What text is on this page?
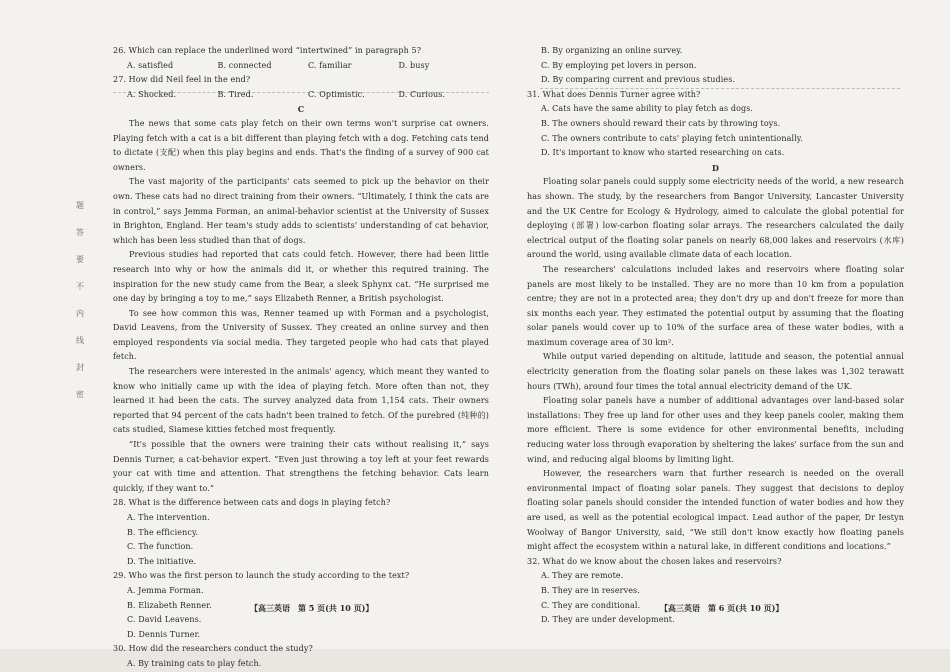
题
答
要
不
内
线
封
密

26. Which can replace the underlined word “intertwined” in paragraph 5?

A. satisfied	B. connected	C. familiar	D. busy

27. How did Neil feel in the end?

A. Shocked.	B. Tired.	C. Optimistic.	D. Curious.

C

The news that some cats play fetch on their own terms won't surprise cat owners. Playing fetch with a cat is a bit different than playing fetch with a dog. Fetching cats tend to dictate (支配) when this play begins and ends. That's the finding of a survey of 900 cat owners.

The vast majority of the participants' cats seemed to pick up the behavior on their own. These cats had no direct training from their owners. “Ultimately, I think the cats are in control,” says Jemma Forman, an animal-behavior scientist at the University of Sussex in Brighton, England. Her team's study adds to scientists' understanding of cat behavior, which has been less studied than that of dogs.

Previous studies had reported that cats could fetch. However, there had been little research into why or how the animals did it, or whether this required training. The inspiration for the new study came from the Bear, a sleek Sphynx cat. “He surprised me one day by bringing a toy to me,” says Elizabeth Renner, a British psychologist.

To see how common this was, Renner teamed up with Forman and a psychologist, David Leavens, from the University of Sussex. They created an online survey and then employed respondents via social media. They targeted people who had cats that played fetch.

The researchers were interested in the animals' agency, which meant they wanted to know who initially came up with the idea of playing fetch. More often than not, they learned it had been the cats. The survey analyzed data from 1,154 cats. Their owners reported that 94 percent of the cats hadn't been trained to fetch. Of the purebred (纯种的) cats studied, Siamese kitties fetched most frequently.

“It's possible that the owners were training their cats without realising it,” says Dennis Turner, a cat-behavior expert. “Even just throwing a toy left at your feet rewards your cat with time and attention. That strengthens the fetching behavior. Cats learn quickly, if they want to.”

28. What is the difference between cats and dogs in playing fetch?

A. The intervention.
B. The efficiency.
C. The function.
D. The initiative.

29. Who was the first person to launch the study according to the text?

A. Jemma Forman.
B. Elizabeth Renner.
C. David Leavens.
D. Dennis Turner.

30. How did the researchers conduct the study?

A. By training cats to play fetch.

B. By organizing an online survey.

C. By employing pet lovers in person.

D. By comparing current and previous studies.

31. What does Dennis Turner agree with?

A. Cats have the same ability to play fetch as dogs.

B. The owners should reward their cats by throwing toys.

C. The owners contribute to cats' playing fetch unintentionally.

D. It's important to know who started researching on cats.

D

Floating solar panels could supply some electricity needs of the world, a new research has shown. The study, by the researchers from Bangor University, Lancaster University and the UK Centre for Ecology & Hydrology, aimed to calculate the global potential for deploying (部署) low-carbon floating solar arrays. The researchers calculated the daily electrical output of the floating solar panels on nearly 68,000 lakes and reservoirs (水库) around the world, using available climate data of each location.

The researchers' calculations included lakes and reservoirs where floating solar panels are most likely to be installed. They are no more than 10 km from a population centre; they are not in a protected area; they don't dry up and don't freeze for more than six months each year. They estimated the potential output by assuming that the floating solar panels would cover up to 10% of the surface area of these water bodies, with a maximum coverage area of 30 km².

While output varied depending on altitude, latitude and season, the potential annual electricity generation from the floating solar panels on these lakes was 1,302 terawatt hours (TWh), around four times the total annual electricity demand of the UK.

Floating solar panels have a number of additional advantages over land-based solar installations: They free up land for other uses and they keep panels cooler, making them more efficient. There is some evidence for other environmental benefits, including reducing water loss through evaporation by sheltering the lakes' surface from the sun and wind, and reducing algal blooms by limiting light.

However, the researchers warn that further research is needed on the overall environmental impact of floating solar panels. They suggest that decisions to deploy floating solar panels should consider the intended function of water bodies and how they are used, as well as the potential ecological impact. Lead author of the paper, Dr Iestyn Woolway of Bangor University, said, “We still don't know exactly how floating panels might affect the ecosystem within a natural lake, in different conditions and locations.”

32. What do we know about the chosen lakes and reservoirs?

A. They are remote.
B. They are in reserves.
C. They are conditional.
D. They are under development.
【高三英语　第 5 页(共 10 页)】	【高三英语　第 6 页(共 10 页)】
